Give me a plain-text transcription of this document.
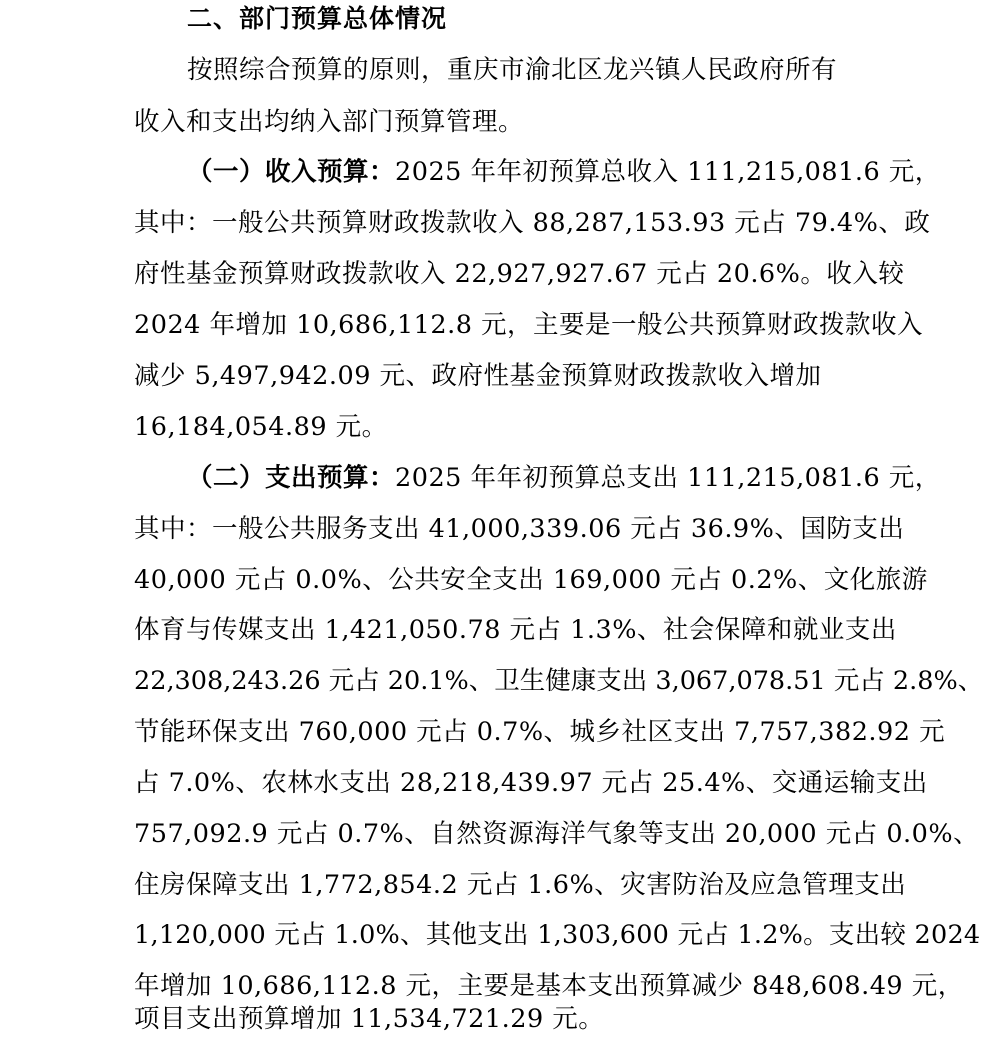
二、部门预算总体情况

按照综合预算的原则，重庆市渝北区龙兴镇人民政府所有

收入和支出均纳入部门预算管理。

（一）收入预算：2025 年年初预算总收入 111,215,081.6 元，

其中：一般公共预算财政拨款收入 88,287,153.93 元占 79.4%、政

府性基金预算财政拨款收入 22,927,927.67 元占 20.6%。收入较

2024 年增加 10,686,112.8 元，主要是一般公共预算财政拨款收入

减少 5,497,942.09 元、政府性基金预算财政拨款收入增加

16,184,054.89 元。

（二）支出预算：2025 年年初预算总支出 111,215,081.6 元，

其中：一般公共服务支出 41,000,339.06 元占 36.9%、国防支出

40,000 元占 0.0%、公共安全支出 169,000 元占 0.2%、文化旅游

体育与传媒支出 1,421,050.78 元占 1.3%、社会保障和就业支出

22,308,243.26 元占 20.1%、卫生健康支出 3,067,078.51 元占 2.8%、

节能环保支出 760,000 元占 0.7%、城乡社区支出 7,757,382.92 元

占 7.0%、农林水支出 28,218,439.97 元占 25.4%、交通运输支出

757,092.9 元占 0.7%、自然资源海洋气象等支出 20,000 元占 0.0%、

住房保障支出 1,772,854.2 元占 1.6%、灾害防治及应急管理支出

1,120,000 元占 1.0%、其他支出 1,303,600 元占 1.2%。支出较 2024

年增加 10,686,112.8 元，主要是基本支出预算减少 848,608.49 元，

项目支出预算增加 11,534,721.29 元。
